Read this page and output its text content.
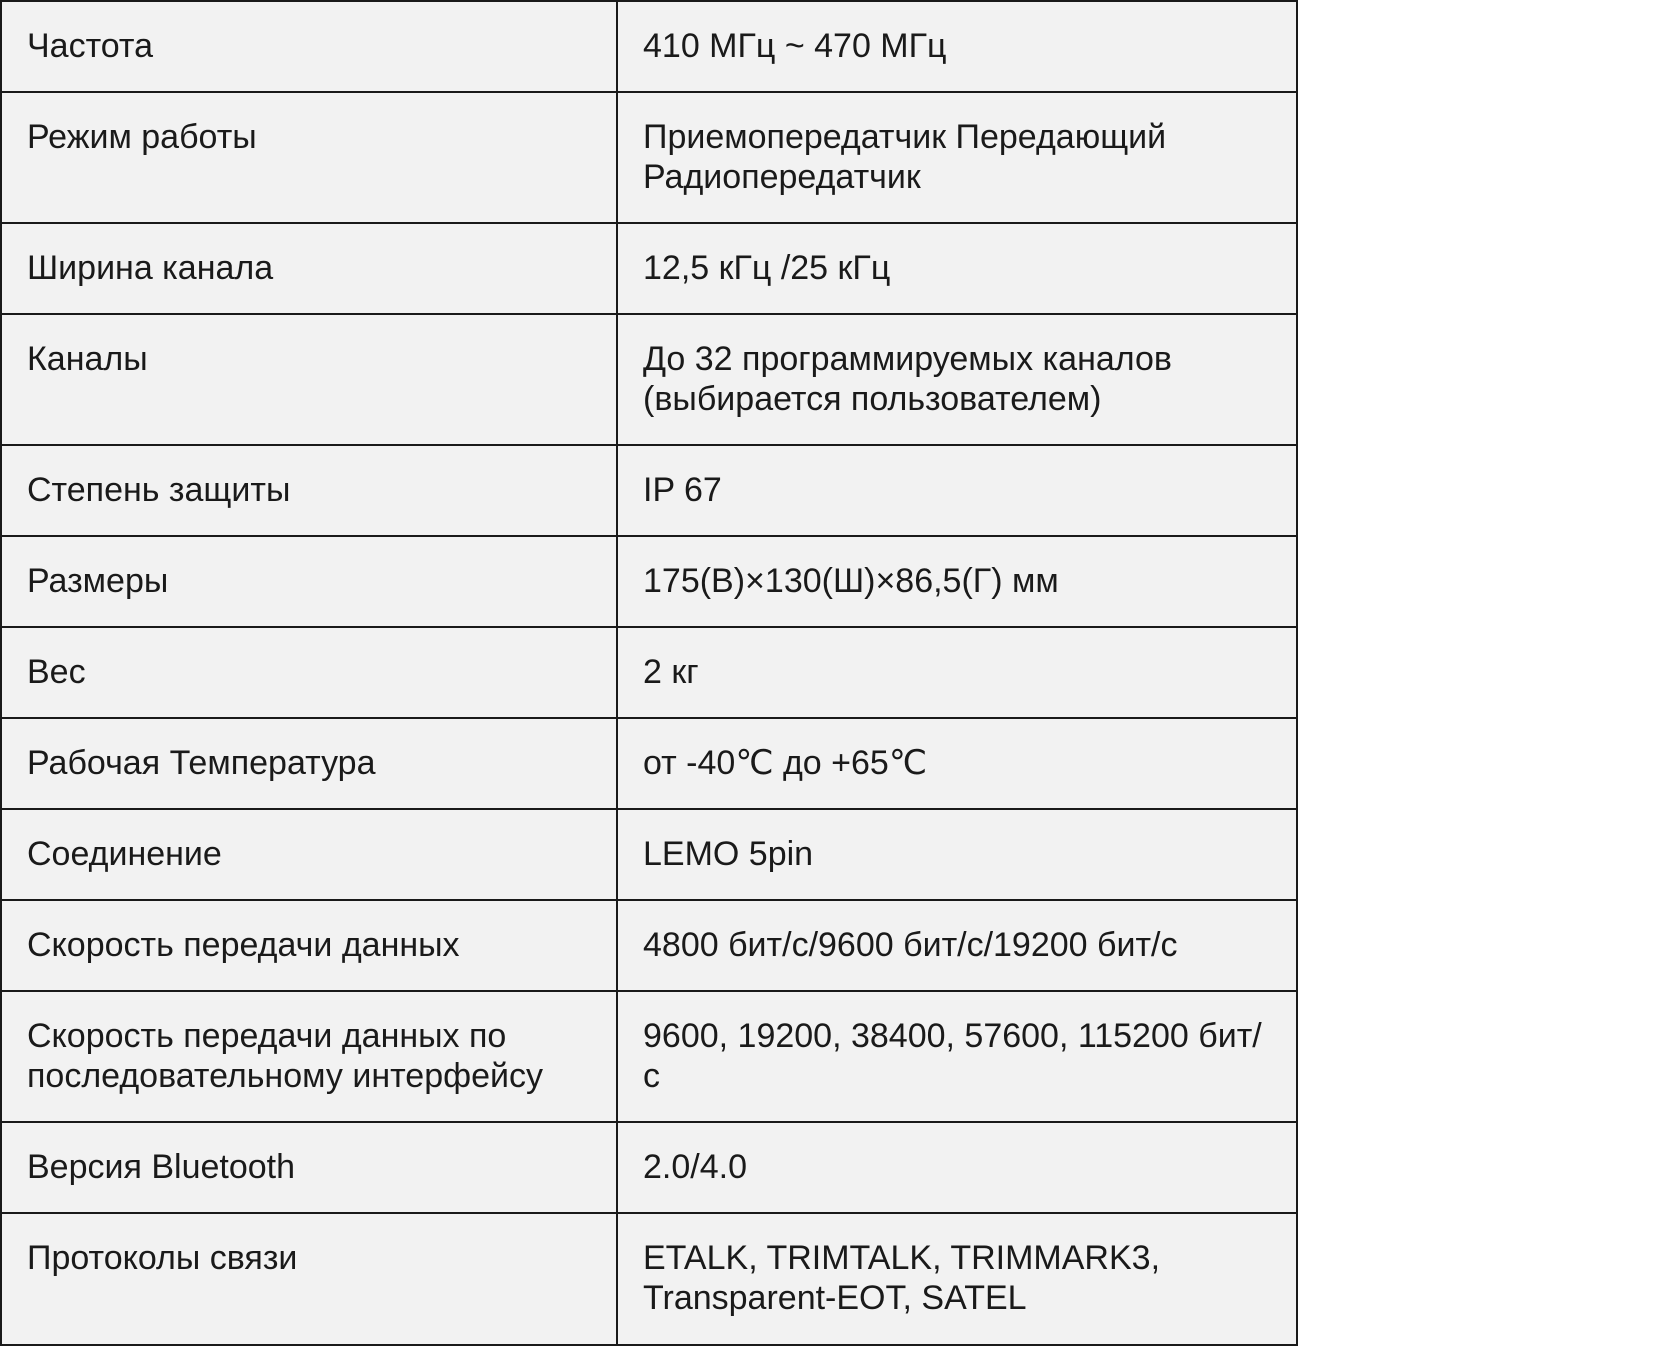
Частота	410 МГц ~ 470 МГц
Режим работы	Приемопередатчик Передающий Радиопередатчик
Ширина канала	12,5 кГц /25 кГц
Каналы	До 32 программируемых каналов (выбирается пользователем)
Степень защиты	IP 67
Размеры	175(В)×130(Ш)×86,5(Г) мм
Вес	2 кг
Рабочая Температура	от -40℃ до +65℃
Соединение	LEMO 5pin
Скорость передачи данных	4800 бит/с/9600 бит/с/19200 бит/с
Скорость передачи данных по последовательному интерфейсу	9600, 19200, 38400, 57600, 115200 бит/с
Версия Bluetooth	2.0/4.0
Протоколы связи	ETALK, TRIMTALK, TRIMMARK3, Transparent-EOT, SATEL
